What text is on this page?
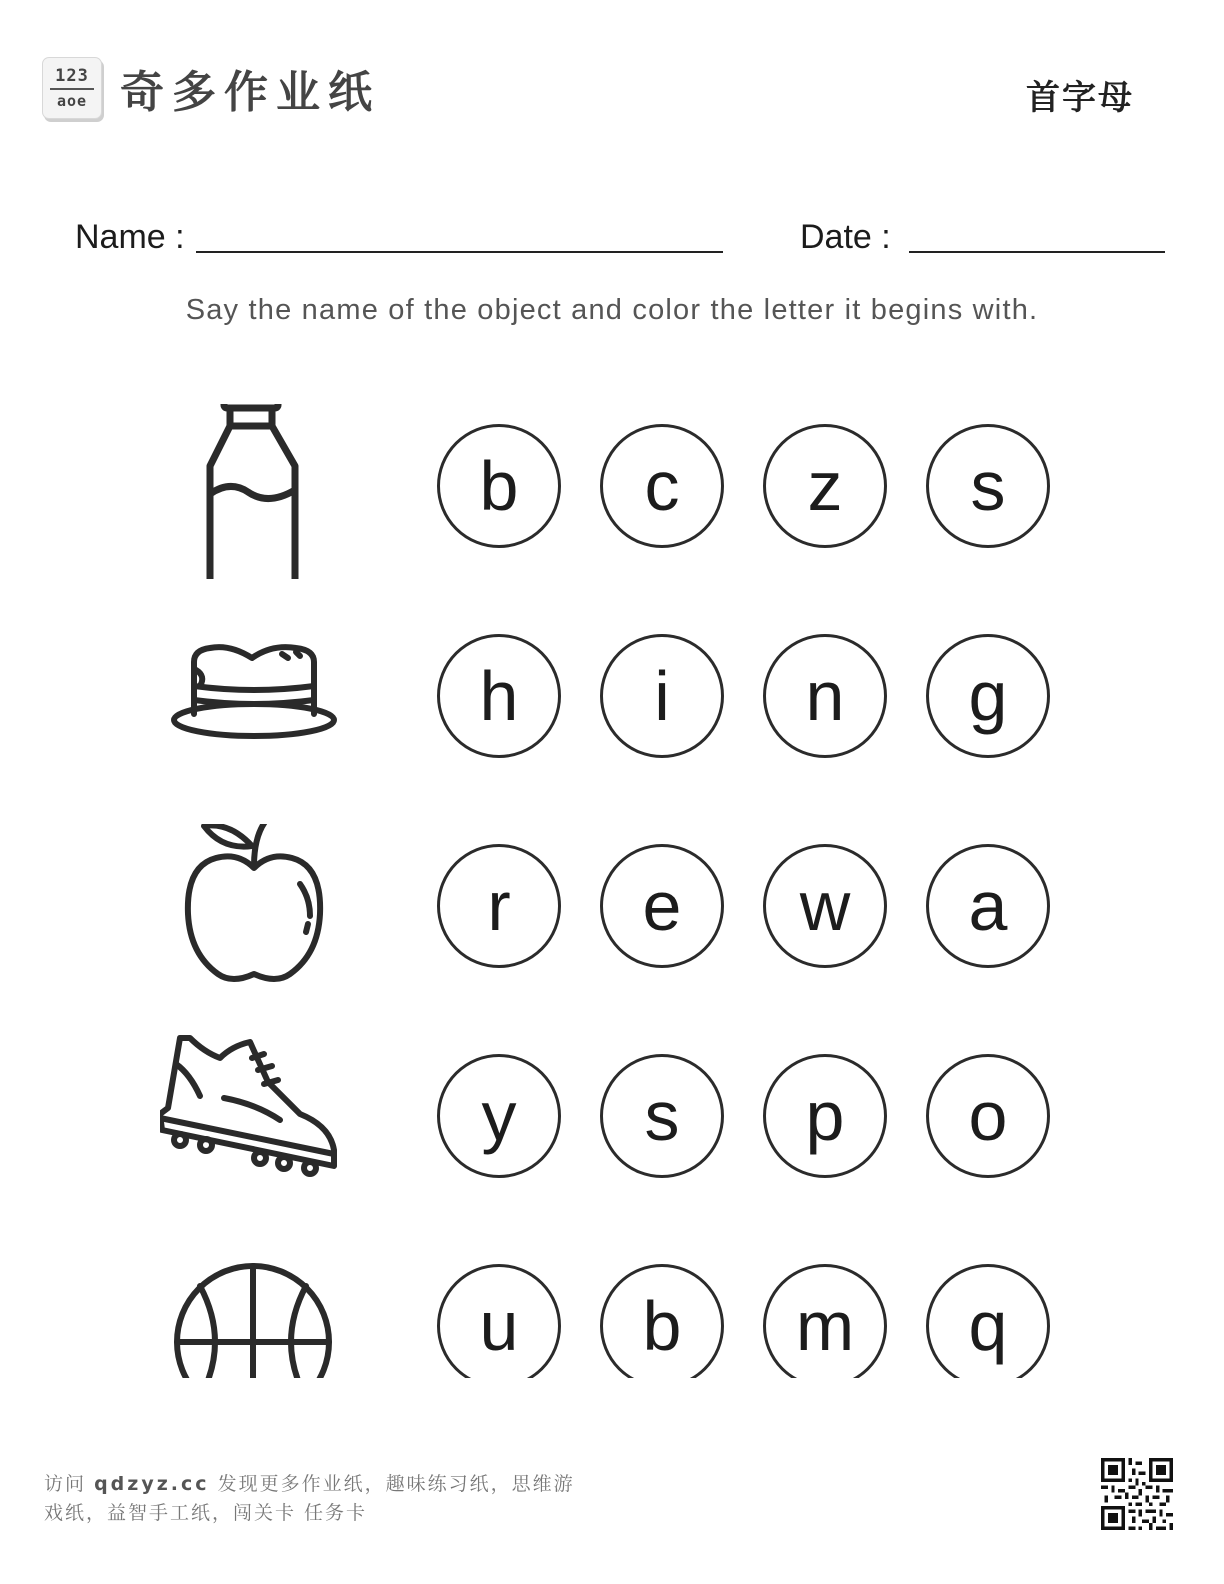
123
aoe 奇多作业纸	首字母
Name :	Date :
Say the name of the object and color the letter it begins with.
b	c	z	s
h	i	n	g
r	e	w	a
y	s	p	o
u	b	m	q
访问 qdzyz.cc 发现更多作业纸，趣味练习纸，思维游
戏纸，益智手工纸，闯关卡 任务卡
